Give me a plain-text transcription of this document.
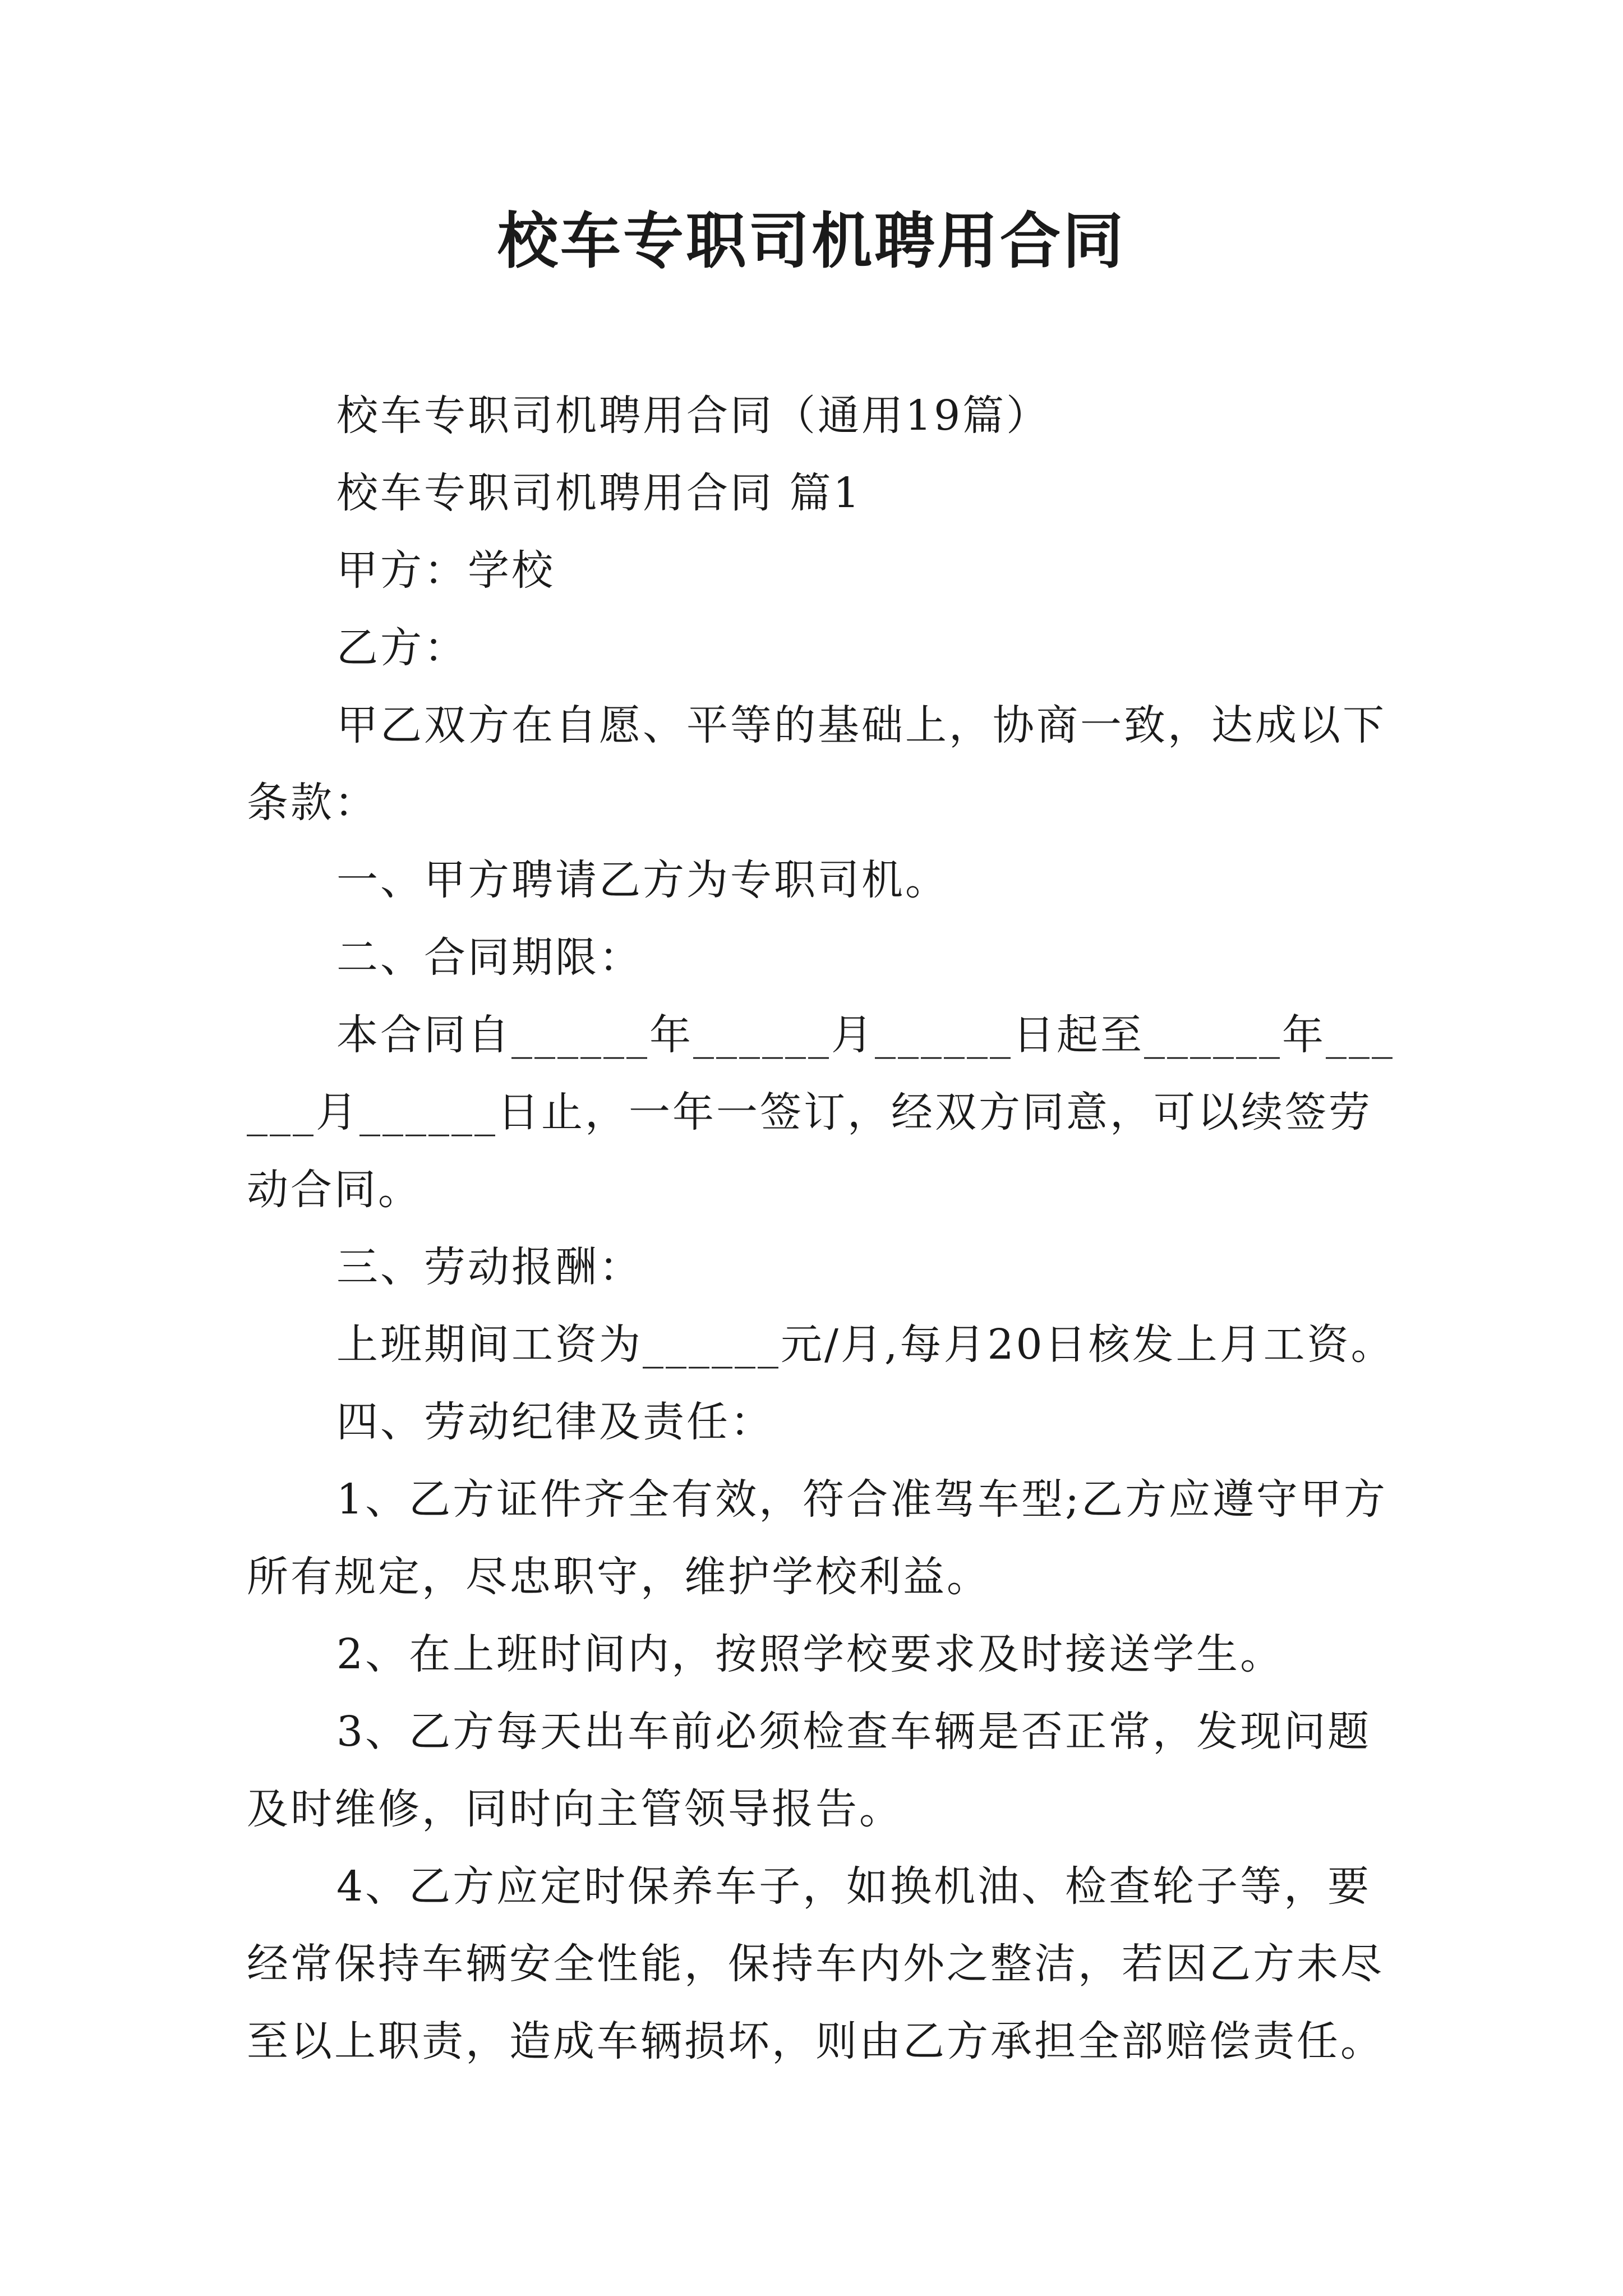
校车专职司机聘用合同

校车专职司机聘用合同（通用19篇）

校车专职司机聘用合同 篇1

甲方：学校

乙方：

甲乙双方在自愿、平等的基础上，协商一致，达成以下条款：

一、甲方聘请乙方为专职司机。

二、合同期限：

本合同自______年______月______日起至______年______月______日止，一年一签订，经双方同意，可以续签劳动合同。

三、劳动报酬：

上班期间工资为______元/月,每月20日核发上月工资。

四、劳动纪律及责任：

1、乙方证件齐全有效，符合准驾车型;乙方应遵守甲方所有规定，尽忠职守，维护学校利益。

2、在上班时间内，按照学校要求及时接送学生。

3、乙方每天出车前必须检查车辆是否正常，发现问题及时维修，同时向主管领导报告。

4、乙方应定时保养车子，如换机油、检查轮子等，要经常保持车辆安全性能，保持车内外之整洁，若因乙方未尽至以上职责，造成车辆损坏，则由乙方承担全部赔偿责任。
